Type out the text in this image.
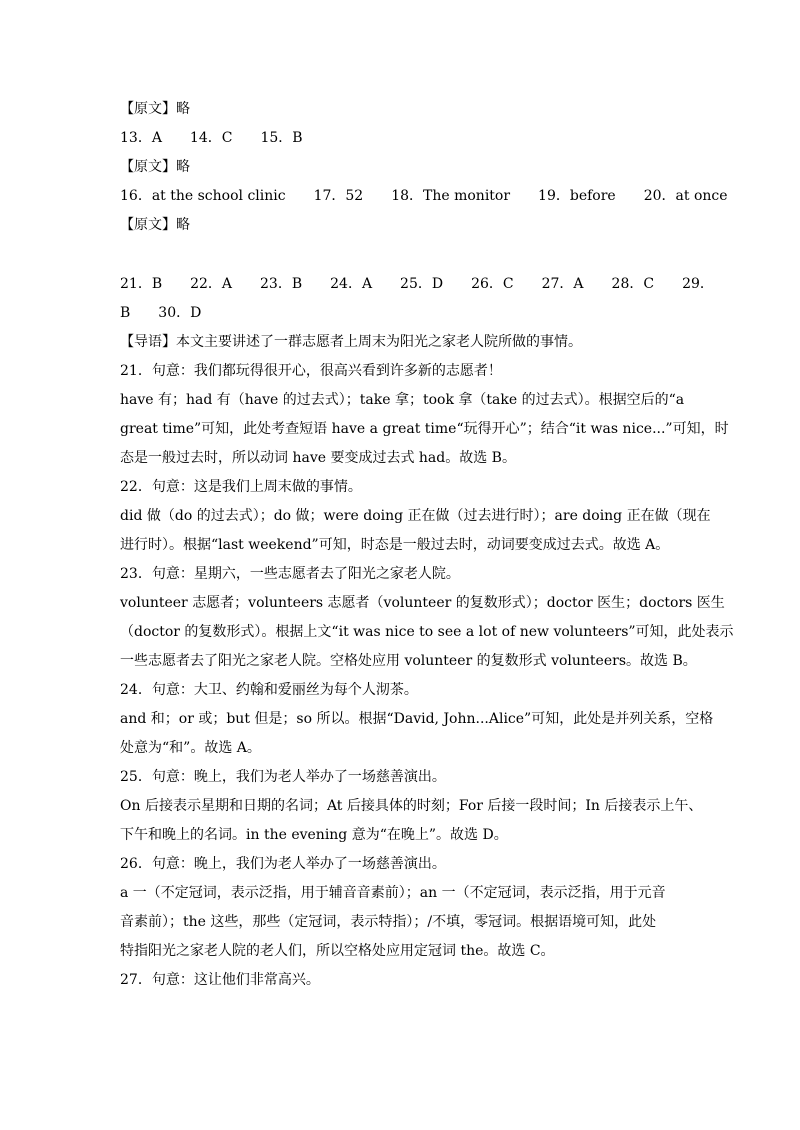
【原文】略
13．A　　14．C　　15．B
【原文】略
16．at the school clinic　　17．52　　18．The monitor　　19．before　　20．at once
【原文】略
21．B　　22．A　　23．B　　24．A　　25．D　　26．C　　27．A　　28．C　　29．
B　　30．D
【导语】本文主要讲述了一群志愿者上周末为阳光之家老人院所做的事情。
21．句意：我们都玩得很开心，很高兴看到许多新的志愿者！
have 有；had 有（have 的过去式）；take 拿；took 拿（take 的过去式）。根据空后的“a
great time”可知，此处考查短语 have a great time“玩得开心”；结合“it was nice...”可知，时
态是一般过去时，所以动词 have 要变成过去式 had。故选 B。
22．句意：这是我们上周末做的事情。
did 做（do 的过去式）；do 做；were doing 正在做（过去进行时）；are doing 正在做（现在
进行时）。根据“last weekend”可知，时态是一般过去时，动词要变成过去式。故选 A。
23．句意：星期六，一些志愿者去了阳光之家老人院。
volunteer 志愿者；volunteers 志愿者（volunteer 的复数形式）；doctor 医生；doctors 医生
（doctor 的复数形式）。根据上文“it was nice to see a lot of new volunteers”可知，此处表示
一些志愿者去了阳光之家老人院。空格处应用 volunteer 的复数形式 volunteers。故选 B。
24．句意：大卫、约翰和爱丽丝为每个人沏茶。
and 和；or 或；but 但是；so 所以。根据“David, John...Alice”可知，此处是并列关系，空格
处意为“和”。故选 A。
25．句意：晚上，我们为老人举办了一场慈善演出。
On 后接表示星期和日期的名词；At 后接具体的时刻；For 后接一段时间；In 后接表示上午、
下午和晚上的名词。in the evening 意为“在晚上”。故选 D。
26．句意：晚上，我们为老人举办了一场慈善演出。
a 一（不定冠词，表示泛指，用于辅音音素前）；an 一（不定冠词，表示泛指，用于元音
音素前）；the 这些，那些（定冠词，表示特指）；/不填，零冠词。根据语境可知，此处
特指阳光之家老人院的老人们，所以空格处应用定冠词 the。故选 C。
27．句意：这让他们非常高兴。
